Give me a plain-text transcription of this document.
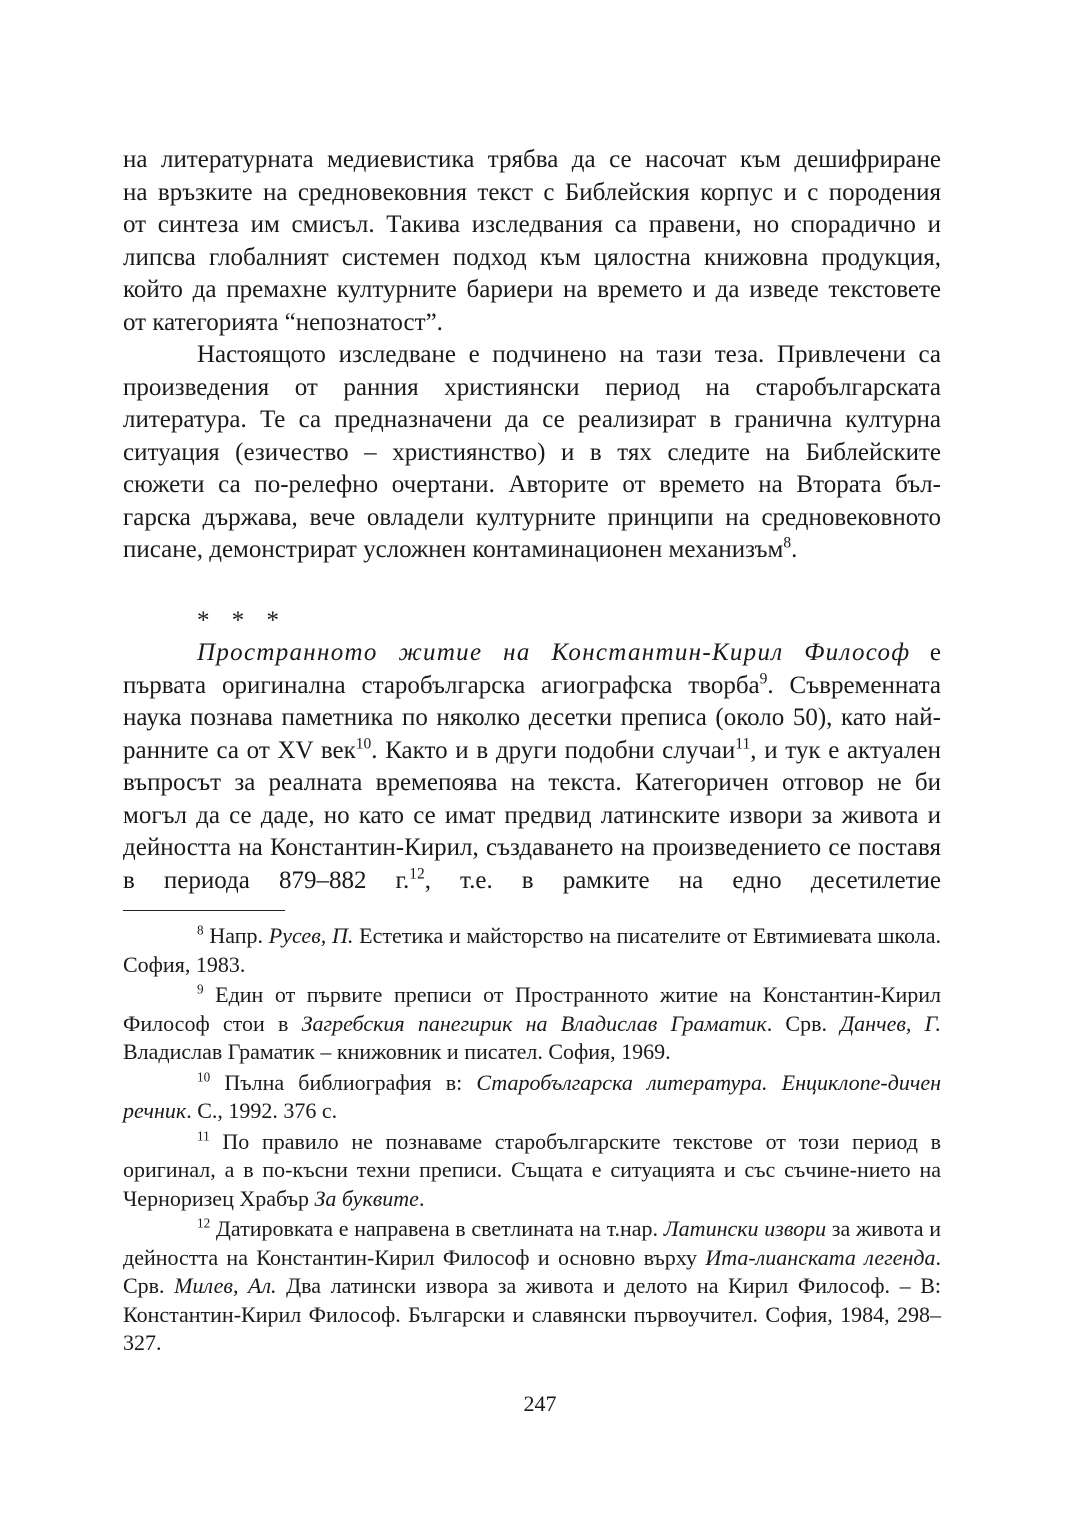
на литературната медиевистика трябва да се насочат към дешифриране
на връзките на средновековния текст с Библейския корпус и с породения
от синтеза им смисъл. Такива изследвания са правени, но спорадично и
липсва глобалният системен подход към цялостна книжовна продукция,
който да премахне културните бариери на времето и да изведе текстовете
от категорията “непознатост”.

Настоящото изследване е подчинено на тази теза. Привлечени са произведения от ранния християнски период на старобългарската литература. Те са предназначени да се реализират в гранична културна ситуация (езичество – християнство) и в тях следите на Библейските сюжети са по-релефно очертани. Авторите от времето на Втората бъл-гарска държава, вече овладели културните принципи на средновековното писане, демонстрират усложнен контаминационен механизъм$^8$.

* * *

Пространното житие на Константин-Кирил Философ е първата оригинална старобългарска агиографска творба$^9$. Съвременната наука познава паметника по няколко десетки преписа (около 50), като най-ранните са от XV век$^{10}$. Както и в други подобни случаи$^{11}$, и тук е актуален въпросът за реалната времепоява на текста. Категоричен отговор не би могъл да се даде, но като се имат предвид латинските извори за живота и дейността на Константин-Кирил, създаването на произведението се поставя в периода 879–882 г.$^{12}$, т.е. в рамките на едно десетилетие

$^8$ Напр. Русев, П. Естетика и майсторство на писателите от Евтимиевата школа. София, 1983.

$^9$ Един от първите преписи от Пространното житие на Константин-Кирил Философ стои в Загребския панегирик на Владислав Граматик. Срв. Данчев, Г. Владислав Граматик – книжовник и писател. София, 1969.

$^{10}$ Пълна библиография в: Старобългарска литература. Енциклопе-дичен речник. С., 1992. 376 с.

$^{11}$ По правило не познаваме старобългарските текстове от този период в оригинал, а в по-късни техни преписи. Същата е ситуацията и със съчине-нието на Черноризец Храбър За буквите.

$^{12}$ Датировката е направена в светлината на т.нар. Латински извори за живота и дейността на Константин-Кирил Философ и основно върху Ита-лианската легенда. Срв. Милев, Ал. Два латински извора за живота и делото на Кирил Философ. – В: Константин-Кирил Философ. Български и славянски първоучител. София, 1984, 298–327.

247
